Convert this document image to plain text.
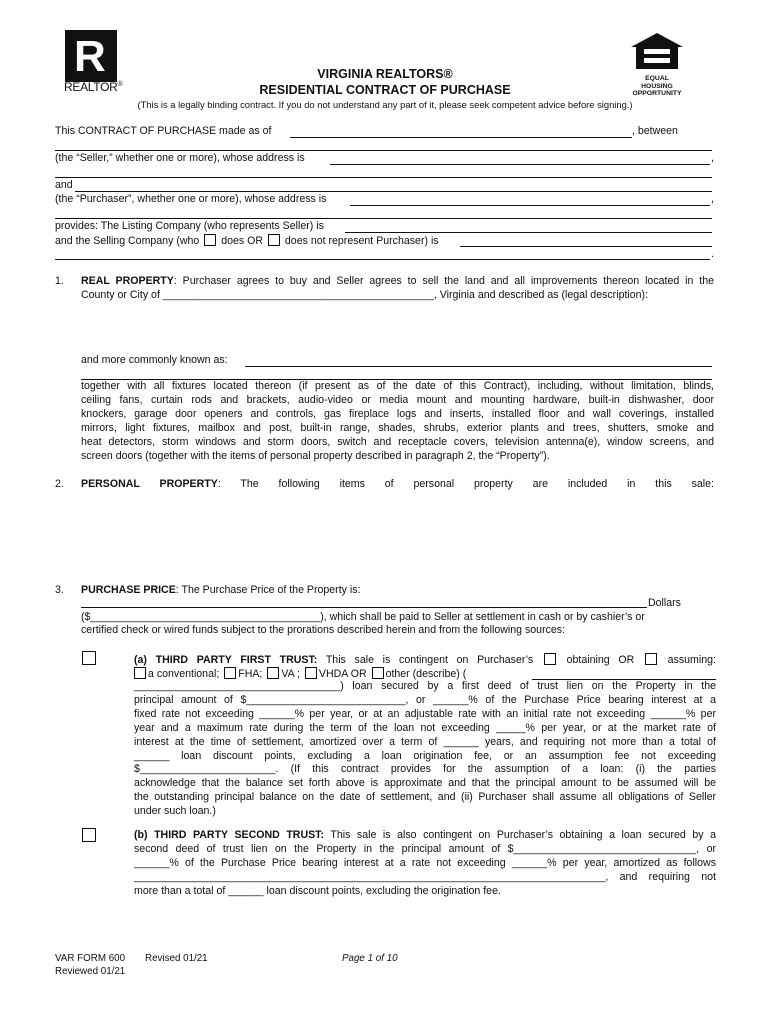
R
REALTOR®
EQUAL HOUSING
OPPORTUNITY
VIRGINIA REALTORS®
RESIDENTIAL CONTRACT OF PURCHASE
(This is a legally binding contract. If you do not understand any part of it, please seek competent advice before signing.)
This CONTRACT OF PURCHASE made as of	, between
(the “Seller,” whether one or more), whose address is	,
and
(the “Purchaser”, whether one or more), whose address is	,
provides: The Listing Company (who represents Seller) is
and the Selling Company (who does OR does not represent Purchaser) is
.
1. REAL PROPERTY: Purchaser agrees to buy and Seller agrees to sell the land and all improvements thereon located in the
County or City of ______________________________________________, Virginia and described as (legal description):
and more commonly known as:
together with all fixtures located thereon (if present as of the date of this Contract), including, without limitation, blinds,
ceiling fans, curtain rods and brackets, audio-video or media mount and mounting hardware, built-in dishwasher, door
knockers, garage door openers and controls, gas fireplace logs and inserts, installed floor and wall coverings, installed
mirrors, light fixtures, mailbox and post, built-in range, shades, shrubs, exterior plants and trees, shutters, smoke and
heat detectors, storm windows and storm doors, switch and receptacle covers, television antenna(e), window screens, and
screen doors (together with the items of personal property described in paragraph 2, the “Property”).
2. PERSONAL PROPERTY: The following items of personal property are included in this sale:
3. PURCHASE PRICE: The Purchase Price of the Property is:
Dollars
($_______________________________________), which shall be paid to Seller at settlement in cash or by cashier’s or
certified check or wired funds subject to the prorations described herein and from the following sources:
(a) THIRD PARTY FIRST TRUST: This sale is contingent on Purchaser’s	obtaining OR	assuming:
a conventional; FHA; VA ; VHDA OR other (describe) (
___________________________________) loan secured by a first deed of trust lien on the Property in the
principal amount of $___________________________, or ______% of the Purchase Price bearing interest at a
fixed rate not exceeding ______% per year, or at an adjustable rate with an initial rate not exceeding ______% per
year and a maximum rate during the term of the loan not exceeding _____% per year, or at the market rate of
interest at the time of settlement, amortized over a term of ______ years, and requiring not more than a total of
______ loan discount points, excluding a loan origination fee, or an assumption fee not exceeding
$_______________________. (If this contract provides for the assumption of a loan: (i) the parties
acknowledge that the balance set forth above is approximate and that the principal amount to be assumed will be
the outstanding principal balance on the date of settlement, and (ii) Purchaser shall assume all obligations of Seller
under such loan.)
(b) THIRD PARTY SECOND TRUST: This sale is also contingent on Purchaser’s obtaining a loan secured by a
second deed of trust lien on the Property in the principal amount of $_______________________________, or
______% of the Purchase Price bearing interest at a rate not exceeding ______% per year, amortized as follows
________________________________________________________________________________, and requiring not
more than a total of ______ loan discount points, excluding the origination fee.
VAR FORM 600 Revised 01/21
Reviewed 01/21
Page 1 of 10
